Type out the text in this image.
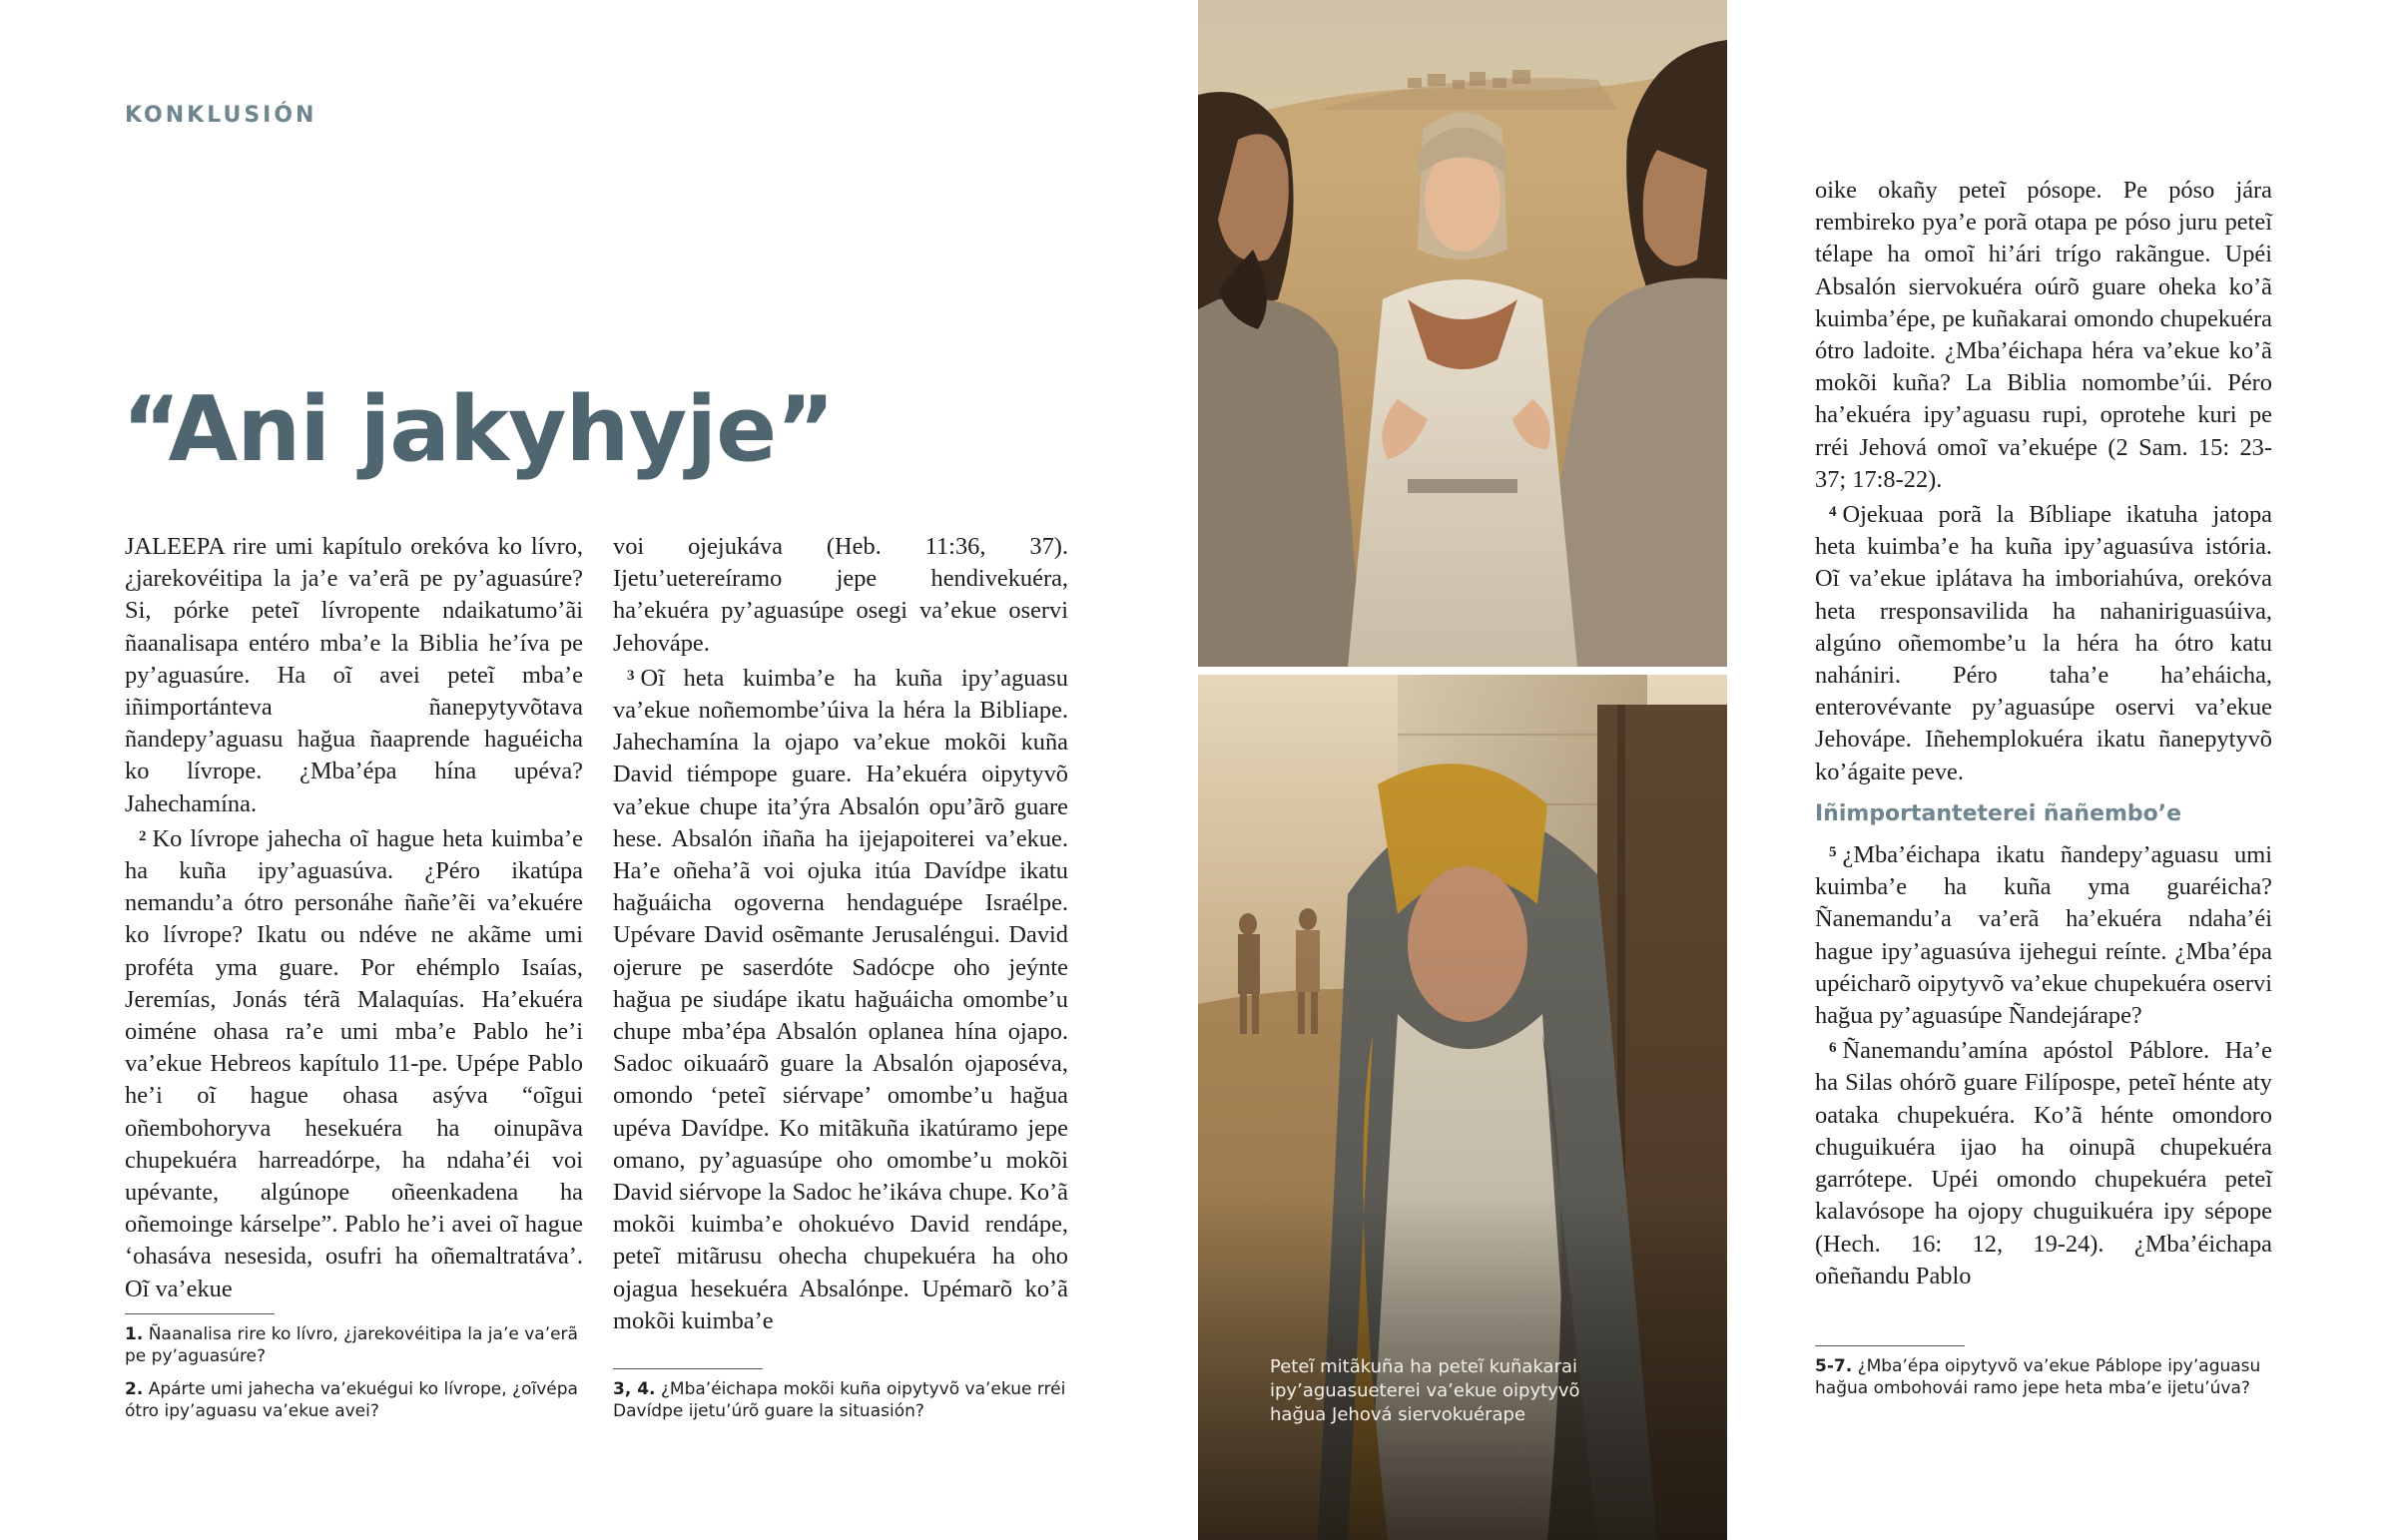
KONKLUSIÓN
“Ani jakyhyje”

JALEEPA rire umi kapítulo orekóva ko lívro, ¿jarekovéitipa la ja’e va’erã pe py’aguasúre? Si, pórke peteĩ lívropente ndaikatumo’ãi ñaanalisapa entéro mba’e la Biblia he’íva pe py’aguasúre. Ha oĩ avei peteĩ mba’e iñimportánteva ñanepytyvõtava ñandepy’aguasu hağua ñaaprende haguéicha ko lívrope. ¿Mba’épa hína upéva? Jahechamína.

$^2$ Ko lívrope jahecha oĩ hague heta kuimba’e ha kuña ipy’aguasúva. ¿Péro ikatúpa nemandu’a ótro personáhe ñañe’ẽi va’ekuére ko lívrope? Ikatu ou ndéve ne akãme umi proféta yma guare. Por ehémplo Isaías, Jeremías, Jonás térã Malaquías. Ha’ekuéra oiméne ohasa ra’e umi mba’e Pablo he’i va’ekue Hebreos kapítulo 11-pe. Upépe Pablo he’i oĩ hague ohasa asýva “oĩgui oñembohoryva hesekuéra ha oinupãva chupekuéra harreadórpe, ha ndaha’éi voi upévante, algúnope oñeenkadena ha oñemoinge kárselpe”. Pablo he’i avei oĩ hague ‘ohasáva nesesida, osufri ha oñemaltratáva’. Oĩ va’ekue

voi ojejukáva (Heb. 11:36, 37). Ijetu’uetereíramo jepe hendivekuéra, ha’ekuéra py’aguasúpe osegi va’ekue oservi Jehovápe.

$^3$ Oĩ heta kuimba’e ha kuña ipy’aguasu va’ekue noñemombe’úiva la héra la Bibliape. Jahechamína la ojapo va’ekue mokõi kuña David tiémpope guare. Ha’ekuéra oipytyvõ va’ekue chupe ita’ýra Absalón opu’ãrõ guare hese. Absalón iñaña ha ijejapoiterei va’ekue. Ha’e oñeha’ã voi ojuka itúa Davídpe ikatu hağuáicha ogoverna hendaguépe Israélpe. Upévare David osẽmante Jerusaléngui. David ojerure pe saserdóte Sadócpe oho jeýnte hağua pe siudápe ikatu hağuáicha omombe’u chupe mba’épa Absalón oplanea hína ojapo. Sadoc oikuaárõ guare la Absalón ojaposéva, omondo ‘peteĩ siérvape’ omombe’u hağua upéva Davídpe. Ko mitãkuña ikatúramo jepe omano, py’aguasúpe oho omombe’u mokõi David siérvope la Sadoc he’ikáva chupe. Koʼã mokõi kuimbaʼe ohokuévo David rendápe, peteĩ mitãrusu ohecha chupekuéra ha oho ojagua hesekuéra Absalónpe. Upémarõ koʼã mokõi kuimbaʼe

oike okañy peteĩ pósope. Pe póso jára rembireko pya’e porã otapa pe póso juru peteĩ télape ha omoĩ hi’ári trígo rakãngue. Upéi Absalón siervokuéra oúrõ guare oheka koʼã kuimbaʼépe, pe kuñakarai omondo chupekuéra ótro ladoite. ¿Mba’éichapa héra va’ekue koʼã mokõi kuña? La Biblia nomombe’úi. Péro ha’ekuéra ipy’aguasu rupi, oprotehe kuri pe rréi Jehová omoĩ va’ekuépe (2 Sam. 15: 23-37; 17:8-22).

$^4$ Ojekuaa porã la Bíbliape ikatuha jatopa heta kuimba’e ha kuña ipy’aguasúva istória. Oĩ va’ekue iplátava ha imboriahúva, orekóva heta rresponsavilida ha nahaniriguasúiva, algúno oñemombe’u la héra ha ótro katu nahániri. Péro taha’e ha’eháicha, enterovévante py’aguasúpe oservi va’ekue Jehovápe. Iñehemplokuéra ikatu ñanepytyvõ koʼágaite peve.

Iñimportanteterei ñañemboʼe

$^5$ ¿Mba’éichapa ikatu ñandepy’aguasu umi kuimba’e ha kuña yma guaréicha? Ñanemandu’a va’erã ha’ekuéra ndaha’éi hague ipy’aguasúva ijehegui reínte. ¿Mba’épa upéicharõ oipytyvõ va’ekue chupekuéra oservi hağua py’aguasúpe Ñandejárape?

$^6$ Ñanemandu’amína apóstol Páblore. Ha’e ha Silas ohórõ guare Filípospe, peteĩ hénte aty oataka chupekuéra. Koʼã hénte omondoro chuguikuéra ijao ha oinupã chupekuéra garrótepe. Upéi omondo chupekuéra peteĩ kalavósope ha ojopy chuguikuéra ipy sépope (Hech. 16: 12, 19-24). ¿Mba’éichapa oñeñandu Pablo

1. Ñaanalisa rire ko lívro, ¿jarekovéitipa la ja’e va’erã pe py’aguasúre?
2. Apárte umi jahecha va’ekuégui ko lívrope, ¿oĩvépa ótro ipy’aguasu va’ekue avei?
3, 4. ¿Mba’éichapa mokõi kuña oipytyvõ va’ekue rréi Davídpe ijetu’úrõ guare la situasión?
5-7. ¿Mba’épa oipytyvõ va’ekue Páblope ipy’aguasu hağua ombohovái ramo jepe heta mba’e ijetu’úva?
Peteĩ mitãkuña ha peteĩ kuñakarai ipy’aguasueterei va’ekue oipytyvõ hağua Jehová siervokuérape
